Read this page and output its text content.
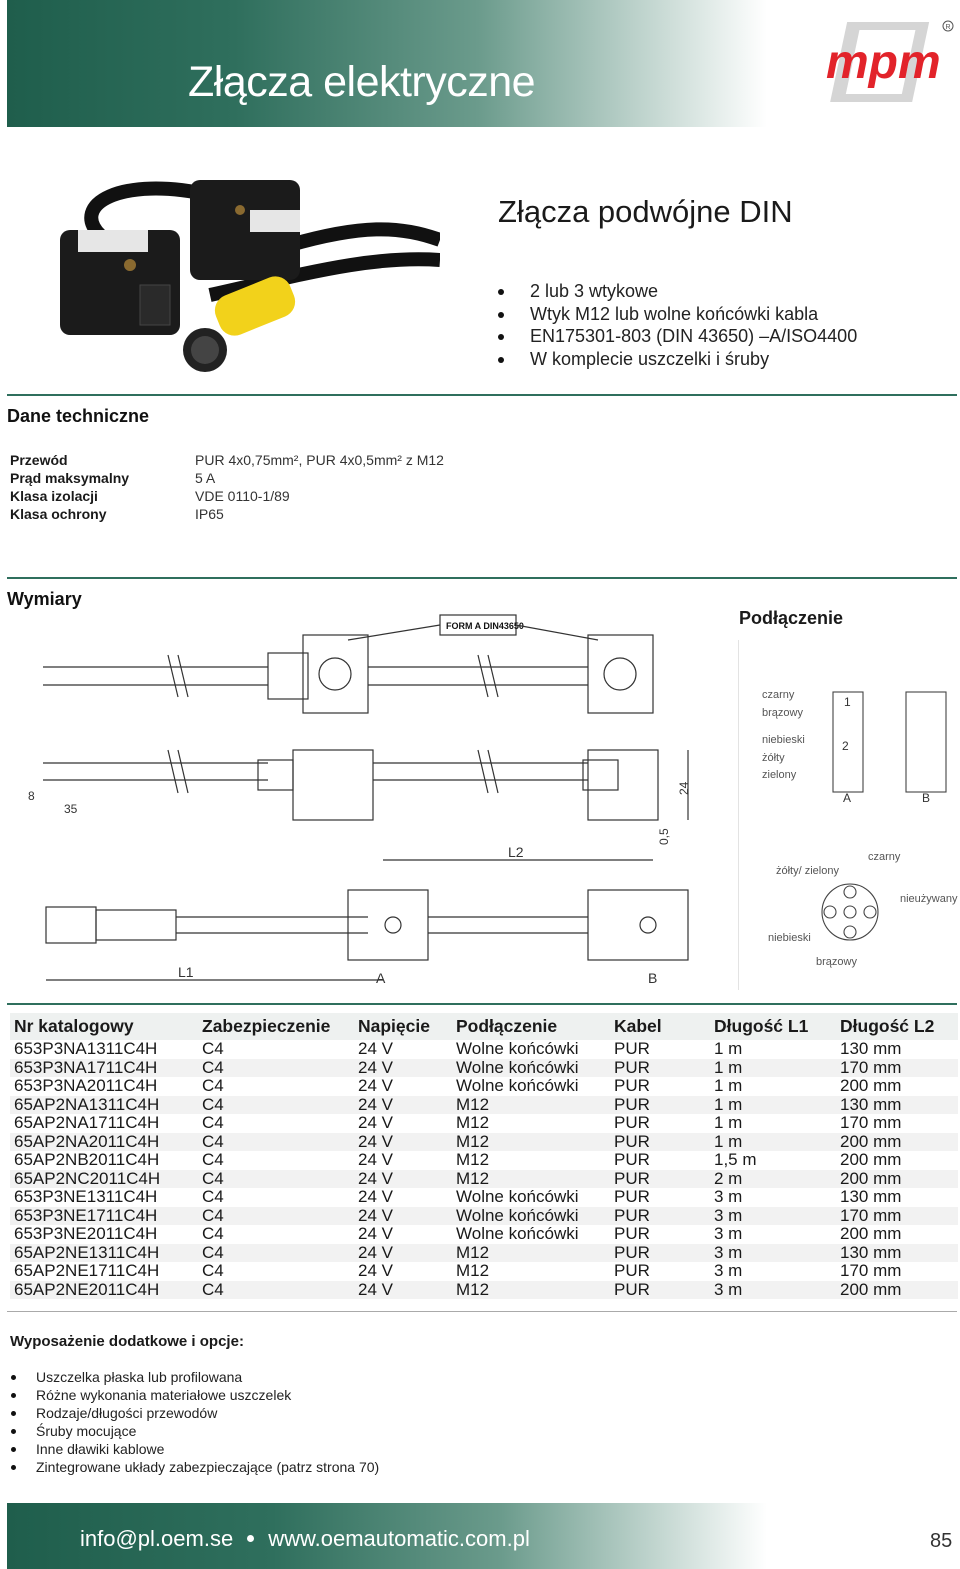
Złącza elektryczne	mpm
R
Złącza podwójne DIN
2 lub 3 wtykowe
Wtyk M12 lub wolne końcówki kabla
EN175301-803 (DIN 43650) –A/ISO4400
W komplecie uszczelki i śruby
Dane techniczne
Przewód	PUR 4x0,75mm², PUR 4x0,5mm² z M12
Prąd maksymalny	5 A
Klasa izolacji	VDE 0110-1/89
Klasa ochrony	IP65
Wymiary
Podłączenie
FORM A DIN43650
8
35
24
0,5
L2
L1	A	B
czarny
brązowy
niebieski
żółty
zielony
1
2
A	B
żółty/ zielony
czarny
nieużywany
niebieski
brązowy
Nr katalogowy	Zabezpieczenie	Napięcie	Podłączenie	Kabel	Długość L1	Długość L2
653P3NA1311C4H	C4	24 V	Wolne końcówki	PUR	1 m	130 mm
653P3NA1711C4H	C4	24 V	Wolne końcówki	PUR	1 m	170 mm
653P3NA2011C4H	C4	24 V	Wolne końcówki	PUR	1 m	200 mm
65AP2NA1311C4H	C4	24 V	M12	PUR	1 m	130 mm
65AP2NA1711C4H	C4	24 V	M12	PUR	1 m	170 mm
65AP2NA2011C4H	C4	24 V	M12	PUR	1 m	200 mm
65AP2NB2011C4H	C4	24 V	M12	PUR	1,5 m	200 mm
65AP2NC2011C4H	C4	24 V	M12	PUR	2 m	200 mm
653P3NE1311C4H	C4	24 V	Wolne końcówki	PUR	3 m	130 mm
653P3NE1711C4H	C4	24 V	Wolne końcówki	PUR	3 m	170 mm
653P3NE2011C4H	C4	24 V	Wolne końcówki	PUR	3 m	200 mm
65AP2NE1311C4H	C4	24 V	M12	PUR	3 m	130 mm
65AP2NE1711C4H	C4	24 V	M12	PUR	3 m	170 mm
65AP2NE2011C4H	C4	24 V	M12	PUR	3 m	200 mm
Wyposażenie dodatkowe i opcje:
Uszczelka płaska lub profilowana
Różne wykonania materiałowe uszczelek
Rodzaje/długości przewodów
Śruby mocujące
Inne dławiki kablowe
Zintegrowane układy zabezpieczające (patrz strona 70)
info@pl.oem.se www.oemautomatic.com.pl	85
